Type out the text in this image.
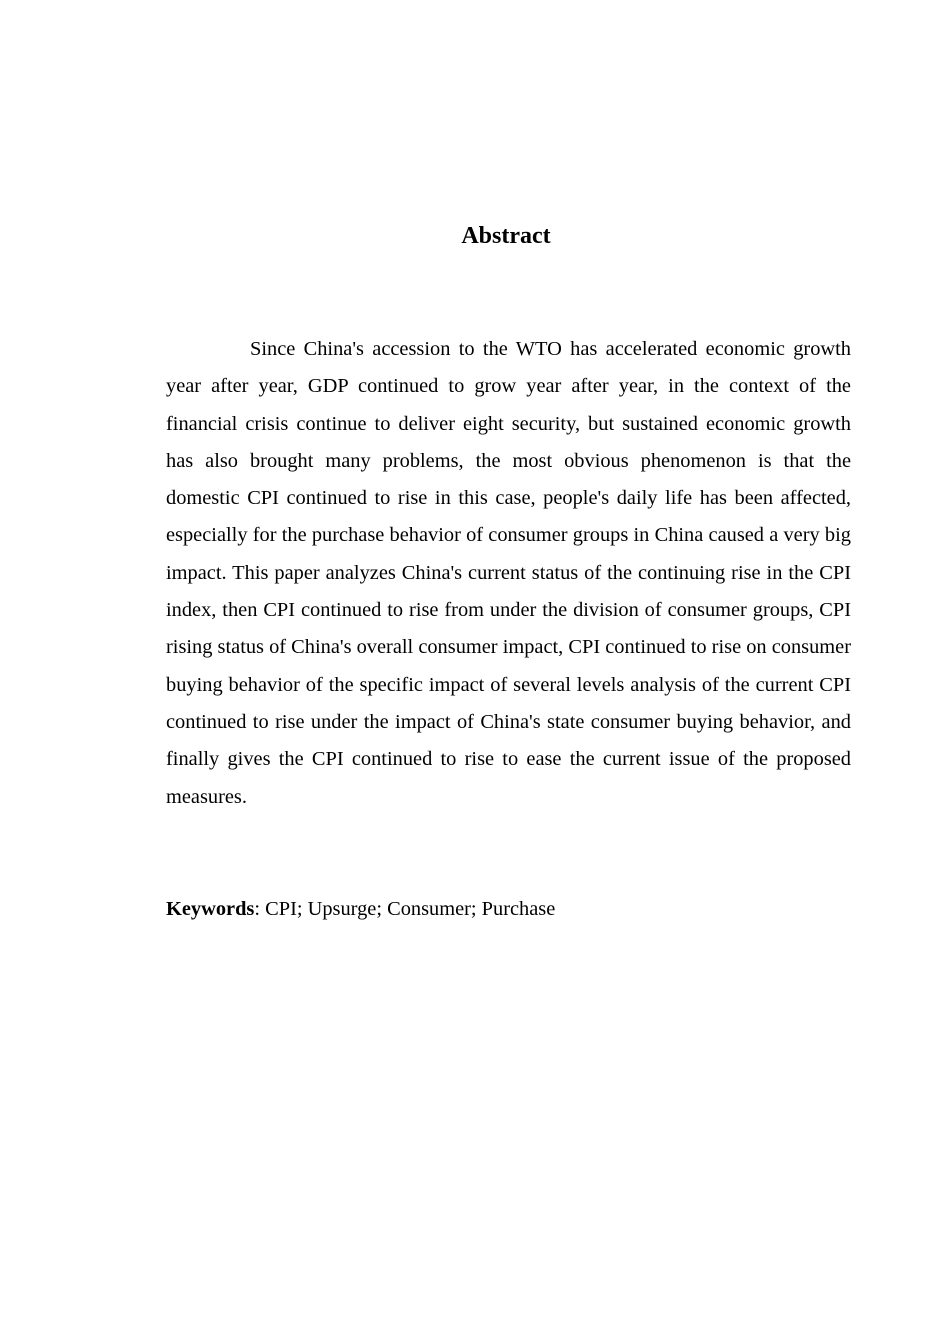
Abstract

Since China's accession to the WTO has accelerated economic growth year after year, GDP continued to grow year after year, in the context of the financial crisis continue to deliver eight security, but sustained economic growth has also brought many problems, the most obvious phenomenon is that the domestic CPI continued to rise in this case, people's daily life has been affected, especially for the purchase behavior of consumer groups in China caused a very big impact. This paper analyzes China's current status of the continuing rise in the CPI index, then CPI continued to rise from under the division of consumer groups, CPI rising status of China's overall consumer impact, CPI continued to rise on consumer buying behavior of the specific impact of several levels analysis of the current CPI continued to rise under the impact of China's state consumer buying behavior, and finally gives the CPI continued to rise to ease the current issue of the proposed measures.

Keywords: CPI; Upsurge; Consumer; Purchase
